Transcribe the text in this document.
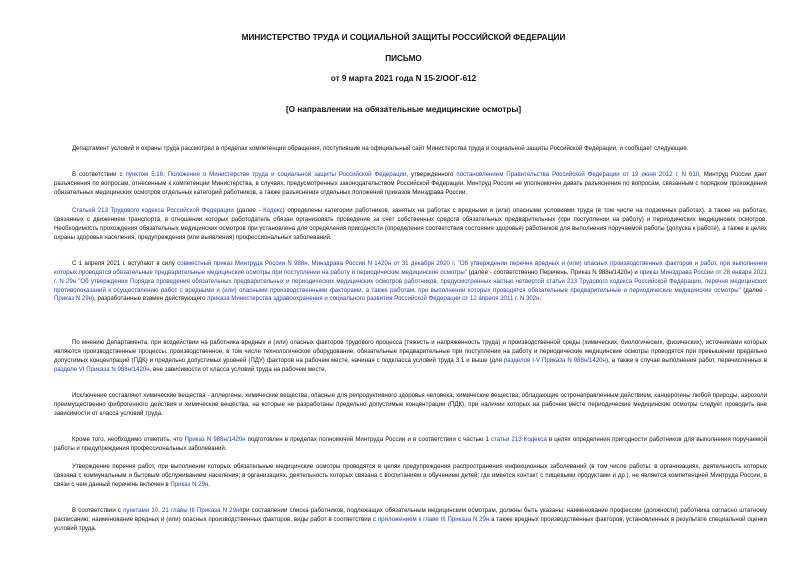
МИНИСТЕРСТВО ТРУДА И СОЦИАЛЬНОЙ ЗАЩИТЫ РОССИЙСКОЙ ФЕДЕРАЦИИ
ПИСЬМО
от 9 марта 2021 года N 15-2/ООГ-612
[О направлении на обязательные медицинские осмотры]

Департамент условий и охраны труда рассмотрел в пределах компетенции обращения, поступившие на официальный сайт Министерства труда и социальной защиты Российской Федерации, и сообщает следующее.

В соответствии с пунктом 5.16. Положения о Министерстве труда и социальной защиты Российской Федерации, утвержденного постановлением Правительства Российской Федерации от 19 июня 2012 г. N 610, Минтруд России дает разъяснения по вопросам, отнесенным к компетенции Министерства, в случаях, предусмотренных законодательством Российской Федерации. Минтруд России не уполномочен давать разъяснения по вопросам, связанным с порядком прохождения обязательных медицинских осмотров отдельных категорий работников, а также разъяснения отдельных положений приказов Минздрава России.

Статьей 213 Трудового кодекса Российской Федерации (далее - Кодекс) определены категории работников, занятых на работах с вредными и (или) опасными условиями труда (в том числе на подземных работах), а также на работах, связанных с движением транспорта, в отношении которых работодатель обязан организовать проведение за счет собственных средств обязательных предварительных (при поступлении на работу) и периодических медицинских осмотров. Необходимость прохождения обязательных медицинских осмотров при установлена для определения пригодности (определения соответствия состояния здоровья) работников для выполнения поручаемой работы (допуска к работе), а также в целях охраны здоровья населения, предупреждения (или выявления) профессиональных заболеваний.

С 1 апреля 2021 г. вступают в силу совместный приказ Минтруда России N 988н, Минздрава России N 1420н от 31 декабря 2020 г. "Об утверждении перечня вредных и (или) опасных производственных факторов и работ, при выполнении которых проводятся обязательные предварительные медицинские осмотры при поступлении на работу и периодические медицинские осмотры" (далее - соответственно Перечень, Приказ N 988н/1420н) и приказ Минздрава России от 28 января 2021 г. N 29н "Об утверждении Порядка проведения обязательных предварительных и периодических медицинских осмотров работников, предусмотренных частью четвертой статьи 213 Трудового кодекса Российской Федерации, перечня медицинских противопоказаний к осуществлению работ с вредными и (или) опасными производственными факторами, а также работам, при выполнении которых проводятся обязательные предварительные и периодические медицинские осмотры" (далее - Приказ N 29н), разработанные взамен действующего приказа Министерства здравоохранения и социального развития Российской Федерации от 12 апреля 2011 г. N 302н.

По мнению Департамента, при воздействии на работника вредных и (или) опасных факторов трудового процесса (тяжесть и напряженность труда) и производственной среды (химических, биологических, физических), источниками которых являются производственные процессы, производственное, в том числе технологическое оборудование, обязательные предварительные при поступлении на работу и периодические медицинские осмотры проводятся при превышении предельно допустимых концентраций (ПДК) и предельно допустимых уровней (ПДУ) факторов на рабочем месте, начиная с подкласса условий труда 3.1 и выше (для разделов I-V Приказа N 988н/1420н), а также в случае выполнения работ, перечисленных в разделе VI Приказа N 988н/1420н, вне зависимости от класса условий труда на рабочем месте.

Исключение составляют химические вещества - аллергены, химические вещества, опасные для репродуктивного здоровья человека, химические вещества, обладающие остронаправленным действием, канцерогены любой природы, аэрозоли преимущественно фиброгенного действия и химические вещества, на которые не разработаны предельно допустимые концентрации (ПДК), при наличии которых на рабочем месте периодические медицинские осмотры следует проводить вне зависимости от класса условий труда.

Кроме того, необходимо отметить, что Приказ N 988н/1420н подготовлен в пределах полномочий Минтруда России и в соответствии с частью 1 статьи 213 Кодекса в целях определения пригодности работников для выполнения поручаемой работы и предупреждения профессиональных заболеваний.

Утверждение перечня работ, при выполнении которых обязательные медицинские осмотры проводятся в целях предупреждения распространения инфекционных заболеваний (в том числе работы: в организациях, деятельность которых связана с коммунальным и бытовым обслуживанием населения; в организациях, деятельность которых связана с воспитанием и обучением детей; где имеется контакт с пищевыми продуктами и др.), не является компетенцией Минтруда России, в связи с чем данный перечень включен в Приказ N 29н.

В соответствии с пунктами 10, 21 главы III Приказа N 29нпри составлении списка работников, подлежащих обязательным медицинским осмотрам, должны быть указаны: наименование профессии (должности) работника согласно штатному расписанию; наименование вредных и (или) опасных производственных факторов, виды работ в соответствии с приложением к главе III Приказа N 29н а также вредных производственных факторов, установленных в результате специальной оценки условий труда.
